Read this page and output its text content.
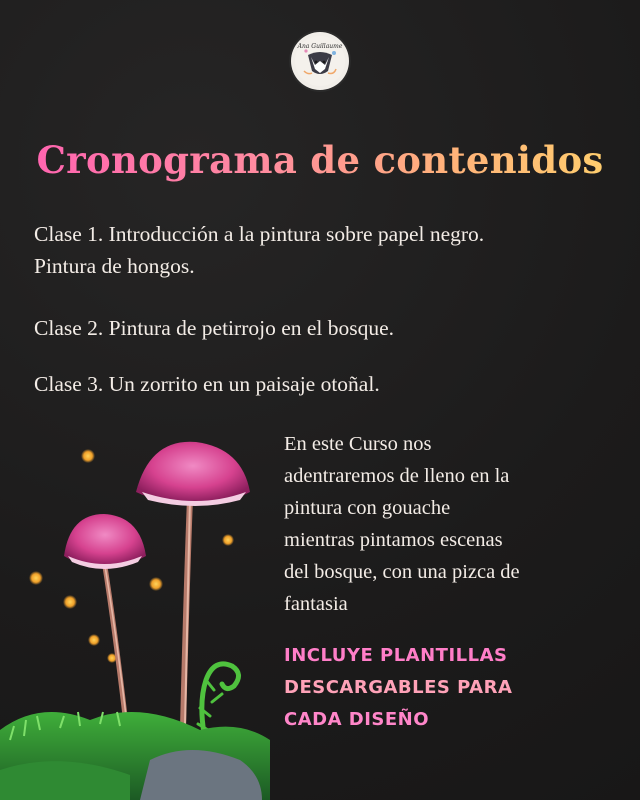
Ana Guillaume
Cronograma de contenidos
Clase 1. Introducción a la pintura sobre papel negro.
Pintura de hongos.
Clase 2. Pintura de petirrojo en el bosque.
Clase 3. Un zorrito en un paisaje otoñal.
En este Curso nos
adentraremos de lleno en la
pintura con gouache
mientras pintamos escenas
del bosque, con una pizca de
fantasia
INCLUYE PLANTILLAS
DESCARGABLES PARA
CADA DISEÑO
